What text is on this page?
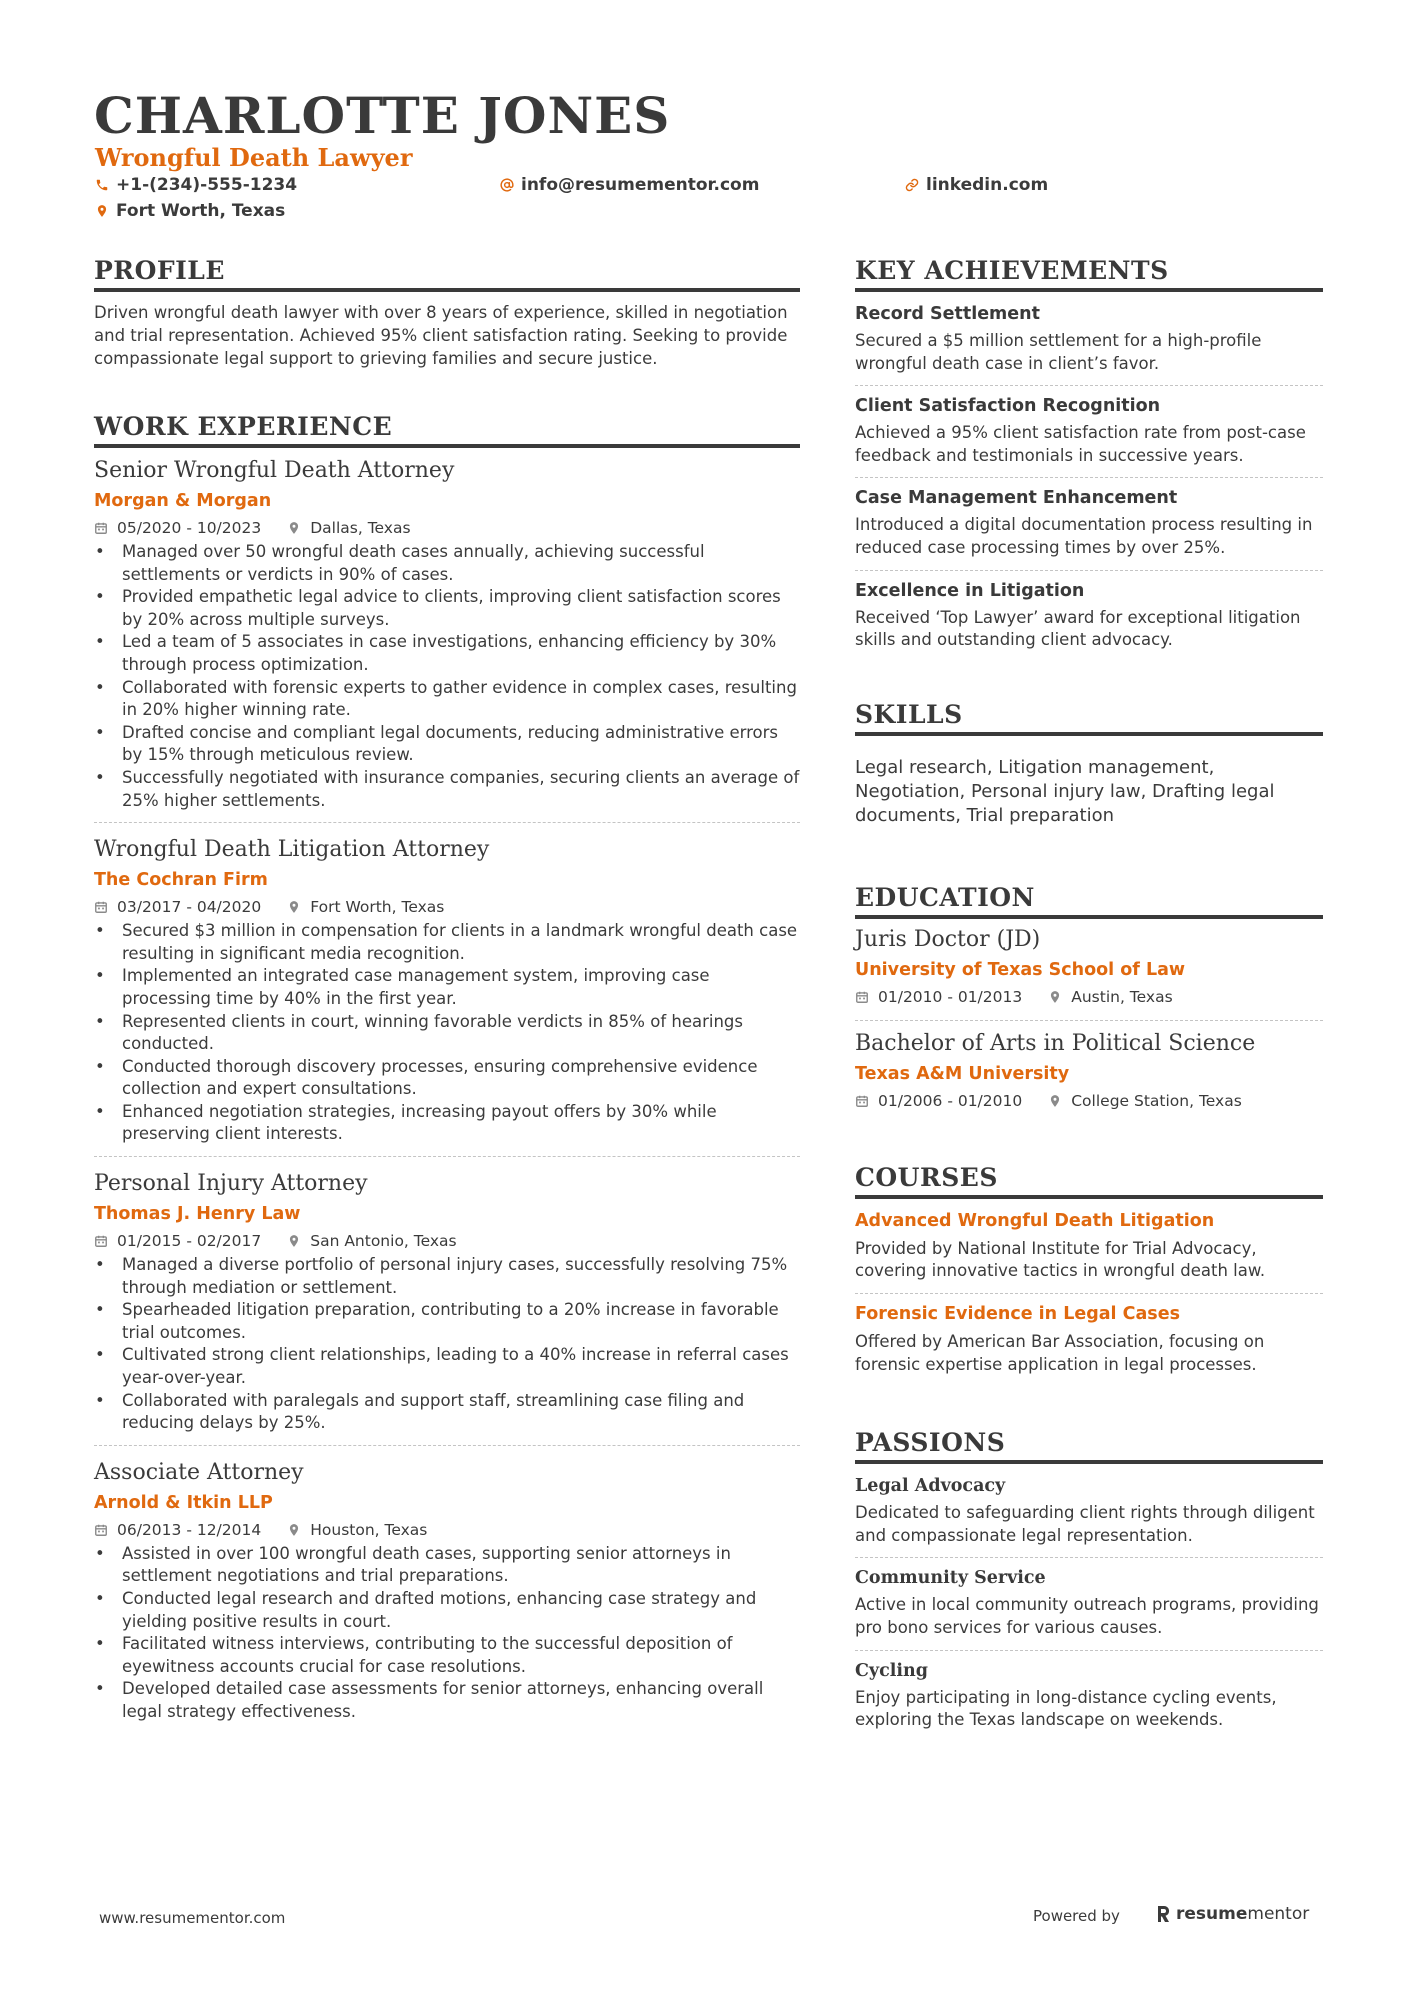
CHARLOTTE JONES
Wrongful Death Lawyer
+1-(234)-555-1234	info@resumementor.com	linkedin.com
Fort Worth, Texas
PROFILE
Driven wrongful death lawyer with over 8 years of experience, skilled in negotiation and trial representation. Achieved 95% client satisfaction rating. Seeking to provide compassionate legal support to grieving families and secure justice.
WORK EXPERIENCE
Senior Wrongful Death Attorney
Morgan & Morgan
05/2020 - 10/2023	Dallas, Texas
• Managed over 50 wrongful death cases annually, achieving successful settlements or verdicts in 90% of cases.
• Provided empathetic legal advice to clients, improving client satisfaction scores by 20% across multiple surveys.
• Led a team of 5 associates in case investigations, enhancing efficiency by 30% through process optimization.
• Collaborated with forensic experts to gather evidence in complex cases, resulting in 20% higher winning rate.
• Drafted concise and compliant legal documents, reducing administrative errors by 15% through meticulous review.
• Successfully negotiated with insurance companies, securing clients an average of 25% higher settlements.
Wrongful Death Litigation Attorney
The Cochran Firm
03/2017 - 04/2020	Fort Worth, Texas
• Secured $3 million in compensation for clients in a landmark wrongful death case resulting in significant media recognition.
• Implemented an integrated case management system, improving case processing time by 40% in the first year.
• Represented clients in court, winning favorable verdicts in 85% of hearings conducted.
• Conducted thorough discovery processes, ensuring comprehensive evidence collection and expert consultations.
• Enhanced negotiation strategies, increasing payout offers by 30% while preserving client interests.
Personal Injury Attorney
Thomas J. Henry Law
01/2015 - 02/2017	San Antonio, Texas
• Managed a diverse portfolio of personal injury cases, successfully resolving 75% through mediation or settlement.
• Spearheaded litigation preparation, contributing to a 20% increase in favorable trial outcomes.
• Cultivated strong client relationships, leading to a 40% increase in referral cases year-over-year.
• Collaborated with paralegals and support staff, streamlining case filing and reducing delays by 25%.
Associate Attorney
Arnold & Itkin LLP
06/2013 - 12/2014	Houston, Texas
• Assisted in over 100 wrongful death cases, supporting senior attorneys in settlement negotiations and trial preparations.
• Conducted legal research and drafted motions, enhancing case strategy and yielding positive results in court.
• Facilitated witness interviews, contributing to the successful deposition of eyewitness accounts crucial for case resolutions.
• Developed detailed case assessments for senior attorneys, enhancing overall legal strategy effectiveness.
KEY ACHIEVEMENTS
Record Settlement
Secured a $5 million settlement for a high-profile wrongful death case in client’s favor.
Client Satisfaction Recognition
Achieved a 95% client satisfaction rate from post-case feedback and testimonials in successive years.
Case Management Enhancement
Introduced a digital documentation process resulting in reduced case processing times by over 25%.
Excellence in Litigation
Received ‘Top Lawyer’ award for exceptional litigation skills and outstanding client advocacy.
SKILLS
Legal research, Litigation management, Negotiation, Personal injury law, Drafting legal documents, Trial preparation
EDUCATION
Juris Doctor (JD)
University of Texas School of Law
01/2010 - 01/2013	Austin, Texas
Bachelor of Arts in Political Science
Texas A&M University
01/2006 - 01/2010	College Station, Texas
COURSES
Advanced Wrongful Death Litigation
Provided by National Institute for Trial Advocacy, covering innovative tactics in wrongful death law.
Forensic Evidence in Legal Cases
Offered by American Bar Association, focusing on forensic expertise application in legal processes.
PASSIONS
Legal Advocacy
Dedicated to safeguarding client rights through diligent and compassionate legal representation.
Community Service
Active in local community outreach programs, providing pro bono services for various causes.
Cycling
Enjoy participating in long-distance cycling events, exploring the Texas landscape on weekends.
www.resumementor.com	Powered by	resume mentor
